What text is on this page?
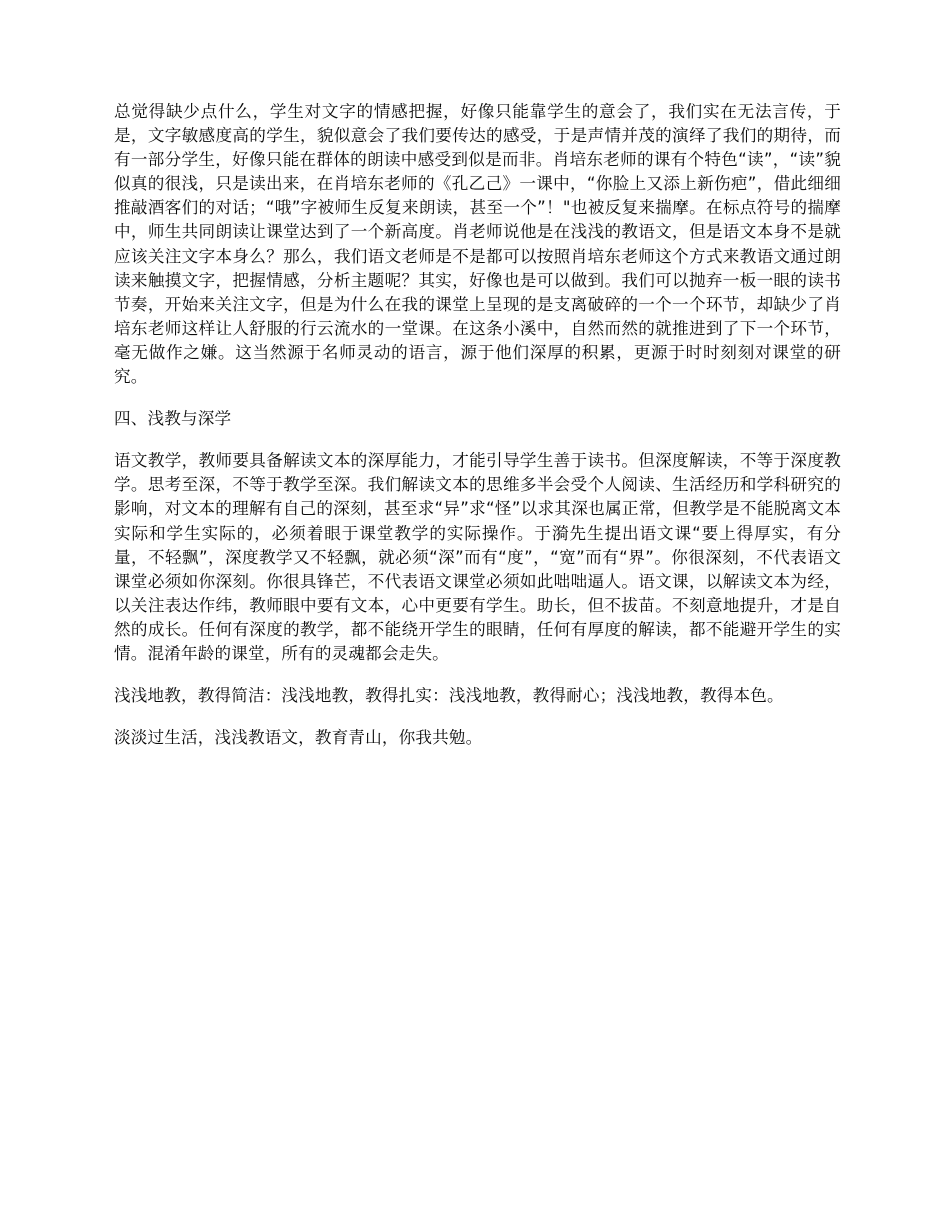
总觉得缺少点什么，学生对文字的情感把握，好像只能靠学生的意会了，我们实在无法言传，于是，文字敏感度高的学生，貌似意会了我们要传达的感受，于是声情并茂的演绎了我们的期待，而有一部分学生，好像只能在群体的朗读中感受到似是而非。肖培东老师的课有个特色“读”，“读”貌似真的很浅，只是读出来，在肖培东老师的《孔乙己》一课中，“你脸上又添上新伤疤”，借此细细推敲酒客们的对话；“哦”字被师生反复来朗读，甚至一个”！"也被反复来揣摩。在标点符号的揣摩中，师生共同朗读让课堂达到了一个新高度。肖老师说他是在浅浅的教语文，但是语文本身不是就应该关注文字本身么？那么，我们语文老师是不是都可以按照肖培东老师这个方式来教语文通过朗读来触摸文字，把握情感，分析主题呢？其实，好像也是可以做到。我们可以抛弃一板一眼的读书节奏，开始来关注文字，但是为什么在我的课堂上呈现的是支离破碎的一个一个环节，却缺少了肖培东老师这样让人舒服的行云流水的一堂课。在这条小溪中，自然而然的就推进到了下一个环节，毫无做作之嫌。这当然源于名师灵动的语言，源于他们深厚的积累，更源于时时刻刻对课堂的研究。

四、浅教与深学

语文教学，教师要具备解读文本的深厚能力，才能引导学生善于读书。但深度解读，不等于深度教学。思考至深，不等于教学至深。我们解读文本的思维多半会受个人阅读、生活经历和学科研究的影响，对文本的理解有自己的深刻，甚至求“异”求“怪”以求其深也属正常，但教学是不能脱离文本实际和学生实际的，必须着眼于课堂教学的实际操作。于漪先生提出语文课“要上得厚实，有分量，不轻飘”，深度教学又不轻飘，就必须“深”而有“度”，“宽”而有“界”。你很深刻，不代表语文课堂必须如你深刻。你很具锋芒，不代表语文课堂必须如此咄咄逼人。语文课，以解读文本为经，以关注表达作纬，教师眼中要有文本，心中更要有学生。助长，但不拔苗。不刻意地提升，才是自然的成长。任何有深度的教学，都不能绕开学生的眼睛，任何有厚度的解读，都不能避开学生的实情。混淆年龄的课堂，所有的灵魂都会走失。

浅浅地教，教得简洁：浅浅地教，教得扎实：浅浅地教，教得耐心；浅浅地教，教得本色。

淡淡过生活，浅浅教语文，教育青山，你我共勉。
